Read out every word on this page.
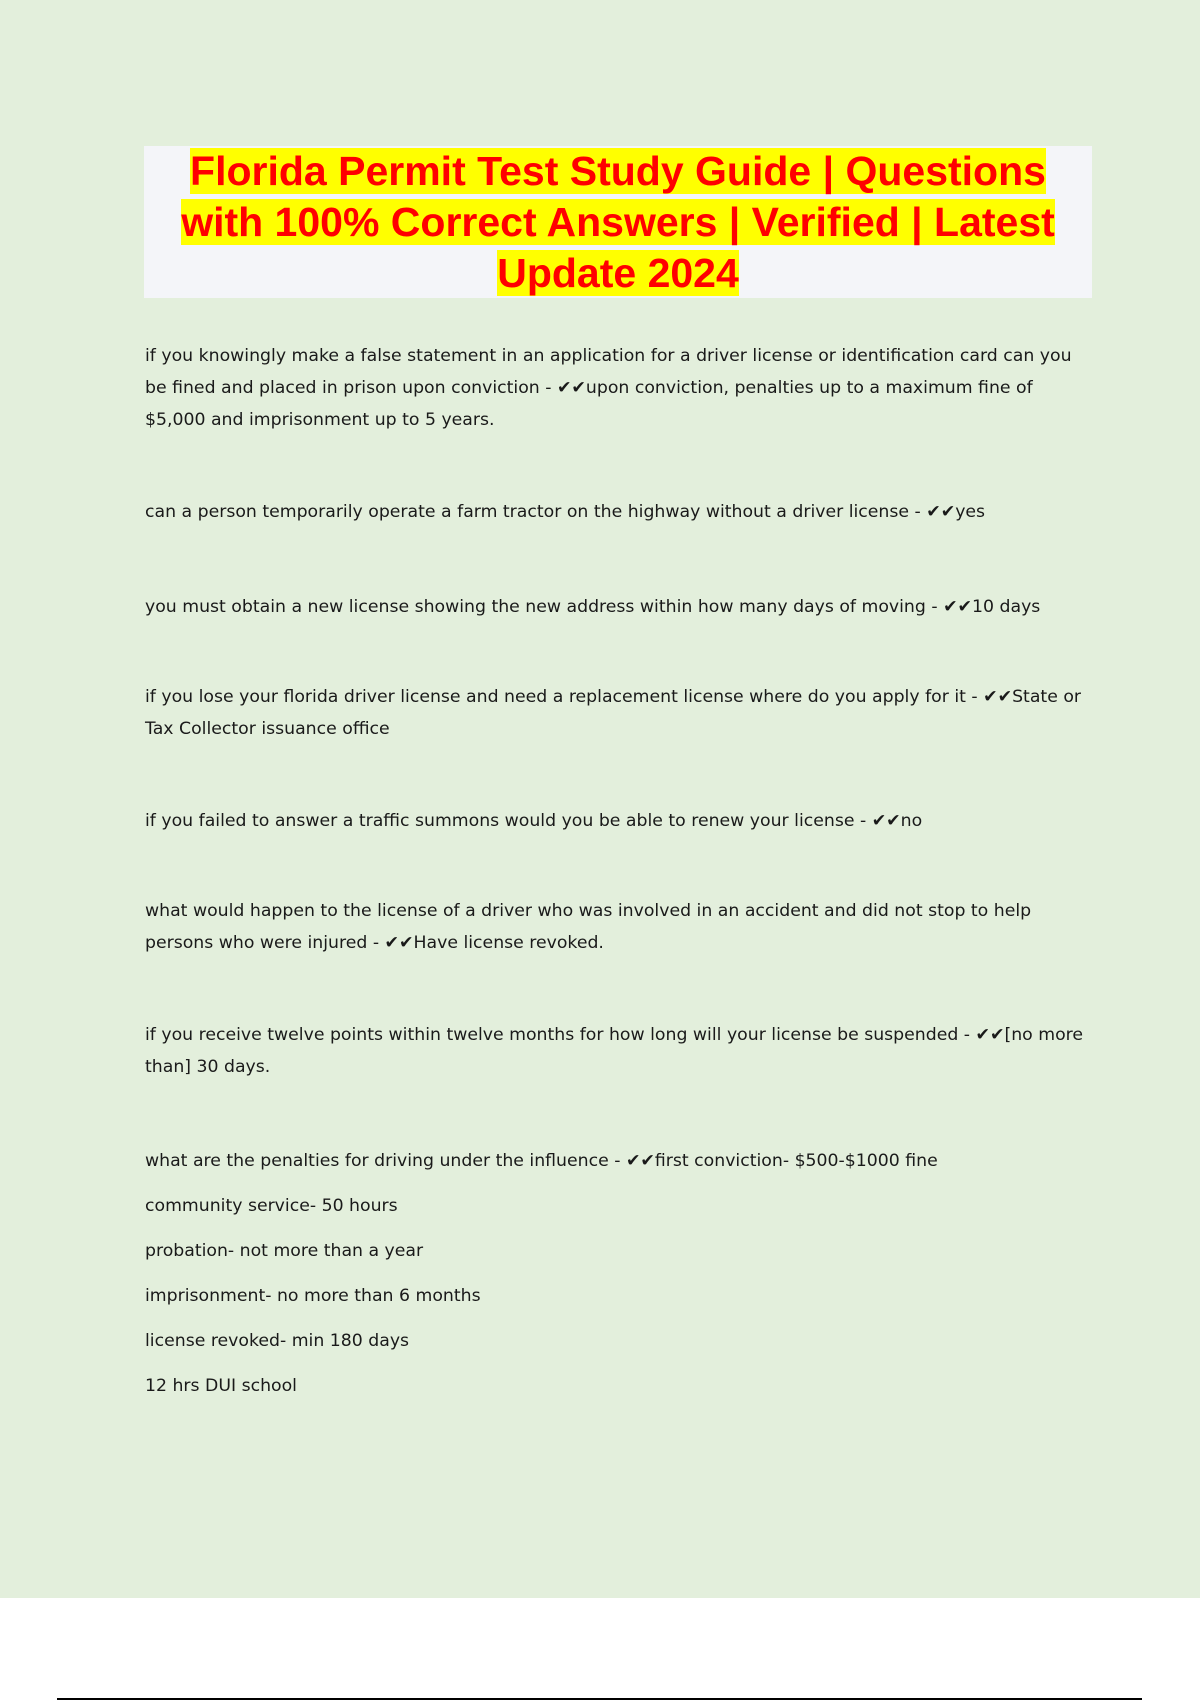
Florida Permit Test Study Guide | Questions with 100% Correct Answers | Verified | Latest Update 2024

if you knowingly make a false statement in an application for a driver license or identification card can you be fined and placed in prison upon conviction - ✔✔upon conviction, penalties up to a maximum fine of $5,000 and imprisonment up to 5 years.

can a person temporarily operate a farm tractor on the highway without a driver license - ✔✔yes

you must obtain a new license showing the new address within how many days of moving - ✔✔10 days

if you lose your florida driver license and need a replacement license where do you apply for it - ✔✔State or Tax Collector issuance office

if you failed to answer a traffic summons would you be able to renew your license - ✔✔no

what would happen to the license of a driver who was involved in an accident and did not stop to help persons who were injured - ✔✔Have license revoked.

if you receive twelve points within twelve months for how long will your license be suspended - ✔✔[no more than] 30 days.

what are the penalties for driving under the influence - ✔✔first conviction- $500-$1000 fine

community service- 50 hours

probation- not more than a year

imprisonment- no more than 6 months

license revoked- min 180 days

12 hrs DUI school
